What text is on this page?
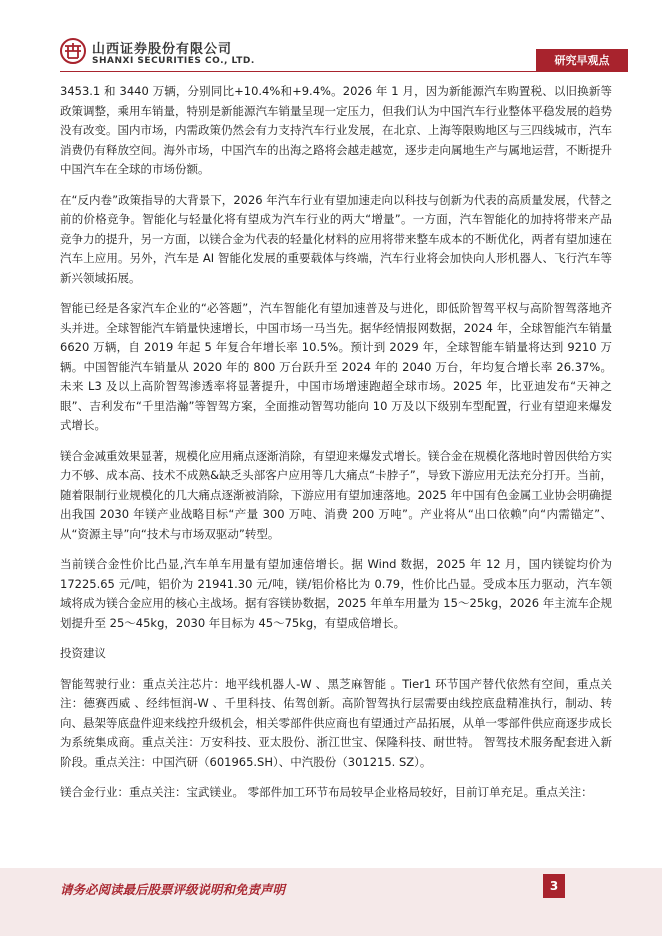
山西证券股份有限公司
SHANXI SECURITIES CO., LTD.	研究早观点

3453.1 和 3440 万辆，分别同比+10.4%和+9.4%。2026 年 1 月，因为新能源汽车购置税、以旧换新等政策调整，乘用车销量，特别是新能源汽车销量呈现一定压力，但我们认为中国汽车行业整体平稳发展的趋势没有改变。国内市场，内需政策仍然会有力支持汽车行业发展，在北京、上海等限购地区与三四线城市，汽车消费仍有释放空间。海外市场，中国汽车的出海之路将会越走越宽，逐步走向属地生产与属地运营，不断提升中国汽车在全球的市场份额。

在“反内卷”政策指导的大背景下，2026 年汽车行业有望加速走向以科技与创新为代表的高质量发展，代替之前的价格竞争。智能化与轻量化将有望成为汽车行业的两大“增量”。一方面，汽车智能化的加持将带来产品竞争力的提升，另一方面，以镁合金为代表的轻量化材料的应用将带来整车成本的不断优化，两者有望加速在汽车上应用。另外，汽车是 AI 智能化发展的重要载体与终端，汽车行业将会加快向人形机器人、飞行汽车等新兴领域拓展。

智能已经是各家汽车企业的“必答题”，汽车智能化有望加速普及与进化，即低阶智驾平权与高阶智驾落地齐头并进。全球智能汽车销量快速增长，中国市场一马当先。据华经情报网数据，2024 年，全球智能汽车销量 6620 万辆，自 2019 年起 5 年复合年增长率 10.5%。预计到 2029 年，全球智能车销量将达到 9210 万辆。中国智能汽车销量从 2020 年的 800 万台跃升至 2024 年的 2040 万台，年均复合增长率 26.37%。未来 L3 及以上高阶智驾渗透率将显著提升，中国市场增速跑超全球市场。2025 年，比亚迪发布“天神之眼”、吉利发布“千里浩瀚”等智驾方案，全面推动智驾功能向 10 万及以下级别车型配置，行业有望迎来爆发式增长。

镁合金减重效果显著，规模化应用痛点逐渐消除，有望迎来爆发式增长。镁合金在规模化落地时曾因供给方实力不够、成本高、技术不成熟&缺乏头部客户应用等几大痛点“卡脖子”，导致下游应用无法充分打开。当前，随着限制行业规模化的几大痛点逐渐被消除，下游应用有望加速落地。2025 年中国有色金属工业协会明确提出我国 2030 年镁产业战略目标“产量 300 万吨、消费 200 万吨”。产业将从“出口依赖”向“内需锚定”、从“资源主导”向“技术与市场双驱动”转型。

当前镁合金性价比凸显,汽车单车用量有望加速倍增长。据 Wind 数据，2025 年 12 月，国内镁锭均价为 17225.65 元/吨，铝价为 21941.30 元/吨，镁/铝价格比为 0.79，性价比凸显。受成本压力驱动，汽车领域将成为镁合金应用的核心主战场。据有容镁协数据，2025 年单车用量为 15～25kg，2026 年主流车企规划提升至 25～45kg，2030 年目标为 45～75kg，有望成倍增长。

投资建议

智能驾驶行业：重点关注芯片：地平线机器人-W 、黑芝麻智能 。Tier1 环节国产替代依然有空间，重点关注：德赛西威 、经纬恒润-W 、千里科技、佑驾创新。高阶智驾执行层需要由线控底盘精准执行，制动、转向、悬架等底盘件迎来线控升级机会，相关零部件供应商也有望通过产品拓展，从单一零部件供应商逐步成长为系统集成商。重点关注：万安科技、亚太股份、浙江世宝、保隆科技、耐世特。 智驾技术服务配套进入新阶段。重点关注：中国汽研（601965.SH）、中汽股份（301215. SZ）。

镁合金行业：重点关注：宝武镁业。 零部件加工环节布局较早企业格局较好，目前订单充足。重点关注：

请务必阅读最后股票评级说明和免责声明	3
